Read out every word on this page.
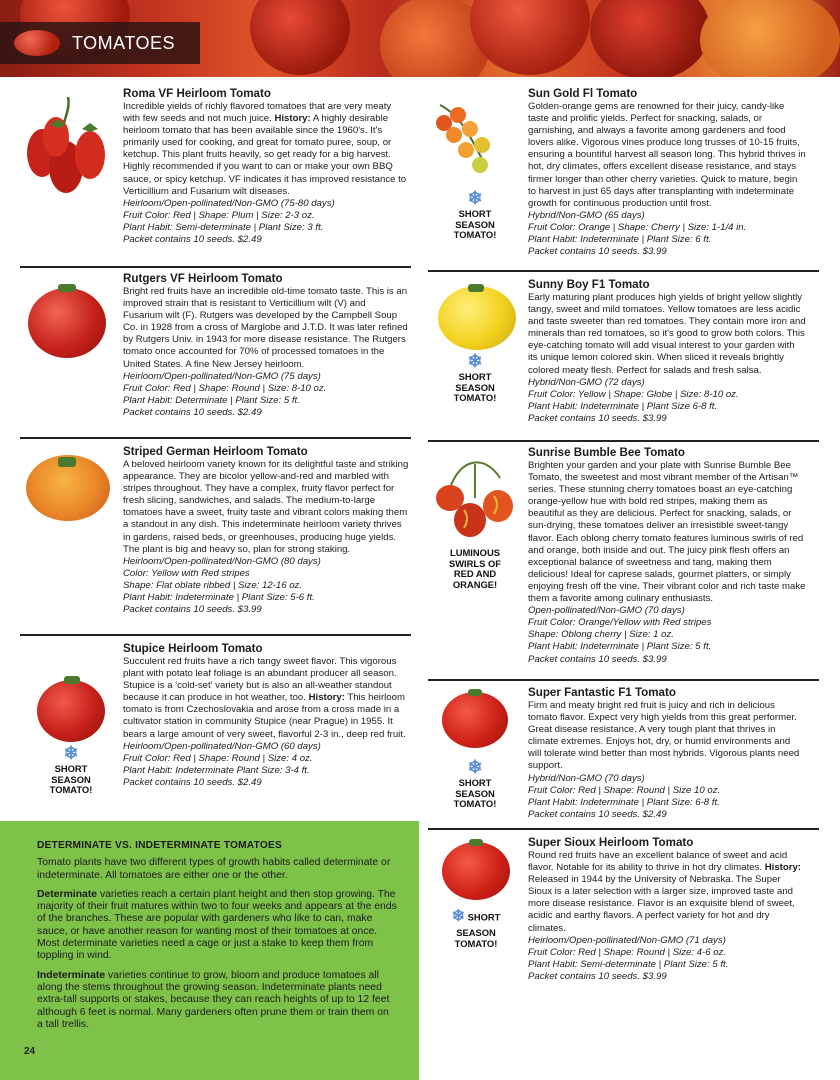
TOMATOES
Roma VF Heirloom Tomato

Incredible yields of richly flavored tomatoes that are very meaty with few seeds and not much juice. History: A highly desirable heirloom tomato that has been available since the 1960's. It's primarily used for cooking, and great for tomato puree, soup, or ketchup. This plant fruits heavily, so get ready for a big harvest. Highly recommended if you want to can or make your own BBQ sauce, or spicy ketchup. VF indicates it has improved resistance to Verticillium and Fusarium wilt diseases.

Heirloom/Open-pollinated/Non-GMO (75-80 days)

Fruit Color: Red | Shape: Plum | Size: 2-3 oz.

Plant Habit: Semi-determinate | Plant Size: 3 ft.

Packet contains 10 seeds. $2.49

Rutgers VF Heirloom Tomato

Bright red fruits have an incredible old-time tomato taste. This is an improved strain that is resistant to Verticillium wilt (V) and Fusarium wilt (F). Rutgers was developed by the Campbell Soup Co. in 1928 from a cross of Marglobe and J.T.D. It was later refined by Rutgers Univ. in 1943 for more disease resistance. The Rutgers tomato once accounted for 70% of processed tomatoes in the United States. A fine New Jersey heirloom.

Heirloom/Open-pollinated/Non-GMO (75 days)

Fruit Color: Red | Shape: Round | Size: 8-10 oz.

Plant Habit: Determinate | Plant Size: 5 ft.

Packet contains 10 seeds. $2.49

Striped German Heirloom Tomato

A beloved heirloom variety known for its delightful taste and striking appearance. They are bicolor yellow-and-red and marbled with stripes throughout. They have a complex, fruity flavor perfect for fresh slicing, sandwiches, and salads. The medium-to-large tomatoes have a sweet, fruity taste and vibrant colors making them a standout in any dish. This indeterminate heirloom variety thrives in gardens, raised beds, or greenhouses, producing huge yields. The plant is big and heavy so, plan for strong staking.

Heirloom/Open-pollinated/Non-GMO (80 days)

Color: Yellow with Red stripes

Shape: Flat oblate ribbed | Size: 12-16 oz.

Plant Habit: Indeterminate | Plant Size: 5-6 ft.

Packet contains 10 seeds. $3.99

❄
SHORT
SEASON
TOMATO!
Stupice Heirloom Tomato

Succulent red fruits have a rich tangy sweet flavor. This vigorous plant with potato leaf foliage is an abundant producer all season. Stupice is a 'cold-set' variety but is also an all-weather standout because it can produce in hot weather, too. History: This heirloom tomato is from Czechoslovakia and arose from a cross made in a cultivator station in community Stupice (near Prague) in 1955. It bears a large amount of very sweet, flavorful 2-3 in., deep red fruit.

Heirloom/Open-pollinated/Non-GMO (60 days)

Fruit Color: Red | Shape: Round | Size: 4 oz.

Plant Habit: Indeterminate Plant Size: 3-4 ft.

Packet contains 10 seeds. $2.49

DETERMINATE VS. INDETERMINATE TOMATOES

Tomato plants have two different types of growth habits called determinate or indeterminate. All tomatoes are either one or the other.

Determinate varieties reach a certain plant height and then stop growing. The majority of their fruit matures within two to four weeks and appears at the ends of the branches. These are popular with gardeners who like to can, make sauce, or have another reason for wanting most of their tomatoes at once. Most determinate varieties need a cage or just a stake to keep them from toppling in wind.

Indeterminate varieties continue to grow, bloom and produce tomatoes all along the stems throughout the growing season. Indeterminate plants need extra-tall supports or stakes, because they can reach heights of up to 12 feet although 6 feet is normal. Many gardeners often prune them or train them on a tall trellis.

24
❄
SHORT
SEASON
TOMATO!
Sun Gold Fl Tomato

Golden-orange gems are renowned for their juicy, candy-like taste and prolific yields. Perfect for snacking, salads, or garnishing, and always a favorite among gardeners and food lovers alike. Vigorous vines produce long trusses of 10-15 fruits, ensuring a bountiful harvest all season long. This hybrid thrives in hot, dry climates, offers excellent disease resistance, and stays firmer longer than other cherry varieties. Quick to mature, begin to harvest in just 65 days after transplanting with indeterminate growth for continuous production until frost.

Hybrid/Non-GMO (65 days)

Fruit Color: Orange | Shape: Cherry | Size: 1-1/4 in.

Plant Habit: Indeterminate | Plant Size: 6 ft.

Packet contains 10 seeds. $3.99

❄
SHORT
SEASON
TOMATO!
Sunny Boy F1 Tomato

Early maturing plant produces high yields of bright yellow slightly tangy, sweet and mild tomatoes. Yellow tomatoes are less acidic and taste sweeter than red tomatoes. They contain more iron and minerals than red tomatoes, so it's good to grow both colors. This eye-catching tomato will add visual interest to your garden with its unique lemon colored skin. When sliced it reveals brightly colored meaty flesh. Perfect for salads and fresh salsa.

Hybrid/Non-GMO (72 days)

Fruit Color: Yellow | Shape: Globe | Size: 8-10 oz.

Plant Habit: Indeterminate | Plant Size 6-8 ft.

Packet contains 10 seeds. $3.99

LUMINOUS
SWIRLS OF
RED AND
ORANGE!
Sunrise Bumble Bee Tomato

Brighten your garden and your plate with Sunrise Bumble Bee Tomato, the sweetest and most vibrant member of the Artisan™ series. These stunning cherry tomatoes boast an eye-catching orange-yellow hue with bold red stripes, making them as beautiful as they are delicious. Perfect for snacking, salads, or sun-drying, these tomatoes deliver an irresistible sweet-tangy flavor. Each oblong cherry tomato features luminous swirls of red and orange, both inside and out. The juicy pink flesh offers an exceptional balance of sweetness and tang, making them delicious! Ideal for caprese salads, gourmet platters, or simply enjoying fresh off the vine. Their vibrant color and rich taste make them a favorite among culinary enthusiasts.

Open-pollinated/Non-GMO (70 days)

Fruit Color: Orange/Yellow with Red stripes

Shape: Oblong cherry | Size: 1 oz.

Plant Habit: Indeterminate | Plant Size: 5 ft.

Packet contains 10 seeds. $3.99

❄
SHORT
SEASON
TOMATO!
Super Fantastic F1 Tomato

Firm and meaty bright red fruit is juicy and rich in delicious tomato flavor. Expect very high yields from this great performer. Great disease resistance. A very tough plant that thrives in climate extremes. Enjoys hot, dry, or humid environments and will tolerate wind better than most hybrids. Vigorous plants need support.

Hybrid/Non-GMO (70 days)

Fruit Color: Red | Shape: Round | Size 10 oz.

Plant Habit: Indeterminate | Plant Size: 6-8 ft.

Packet contains 10 seeds. $2.49

❄ SHORT
SEASON
TOMATO!
Super Sioux Heirloom Tomato

Round red fruits have an excellent balance of sweet and acid flavor. Notable for its ability to thrive in hot dry climates. History: Released in 1944 by the University of Nebraska. The Super Sioux is a later selection with a larger size, improved taste and more disease resistance. Flavor is an exquisite blend of sweet, acidic and earthy flavors. A perfect variety for hot and dry climates.

Heirloom/Open-pollinated/Non-GMO (71 days)

Fruit Color: Red | Shape: Round | Size: 4-6 oz.

Plant Habit: Semi-determinate | Plant Size: 5 ft.

Packet contains 10 seeds. $3.99
